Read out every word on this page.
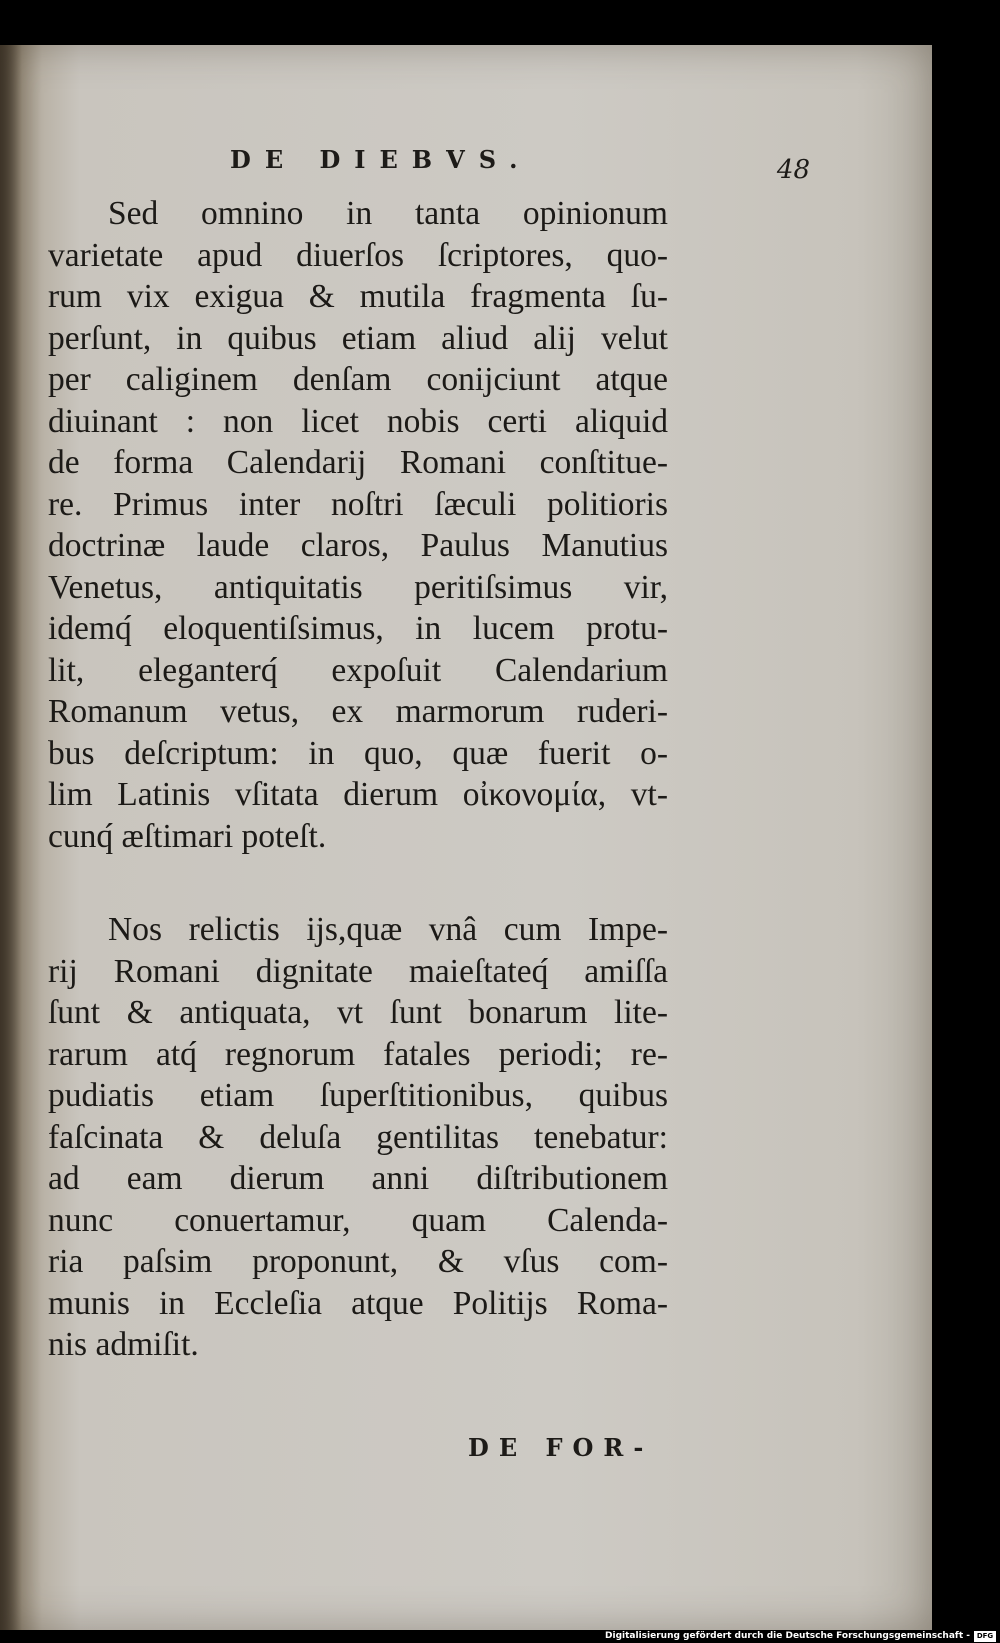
DE DIEBVS.	48
Sed omnino in tanta opinionum
varietate apud diuerſos ſcriptores, quo-
rum vix exigua & mutila fragmenta ſu-
perſunt, in quibus etiam aliud alij velut
per caliginem denſam conijciunt atque
diuinant : non licet nobis certi aliquid
de forma Calendarij Romani conſtitue-
re. Primus inter noſtri ſæculi politioris
doctrinæ laude claros, Paulus Manutius
Venetus, antiquitatis peritiſsimus vir,
idemq́ eloquentiſsimus, in lucem protu-
lit, eleganterq́ expoſuit Calendarium
Romanum vetus, ex marmorum ruderi-
bus deſcriptum: in quo, quæ fuerit o-
lim Latinis vſitata dierum οἰκονομία, vt-
cunq́ æſtimari poteſt.
Nos relictis ijs,quæ vnâ cum Impe-
rij Romani dignitate maieſtateq́ amiſſa
ſunt & antiquata, vt ſunt bonarum lite-
rarum atq́ regnorum fatales periodi; re-
pudiatis etiam ſuperſtitionibus, quibus
faſcinata & deluſa gentilitas tenebatur:
ad eam dierum anni diſtributionem
nunc conuertamur, quam Calenda-
ria paſsim proponunt, & vſus com-
munis in Eccleſia atque Politijs Roma-
nis admiſit.
DE FOR-
Digitalisierung gefördert durch die Deutsche Forschungsgemeinschaft - DFG
